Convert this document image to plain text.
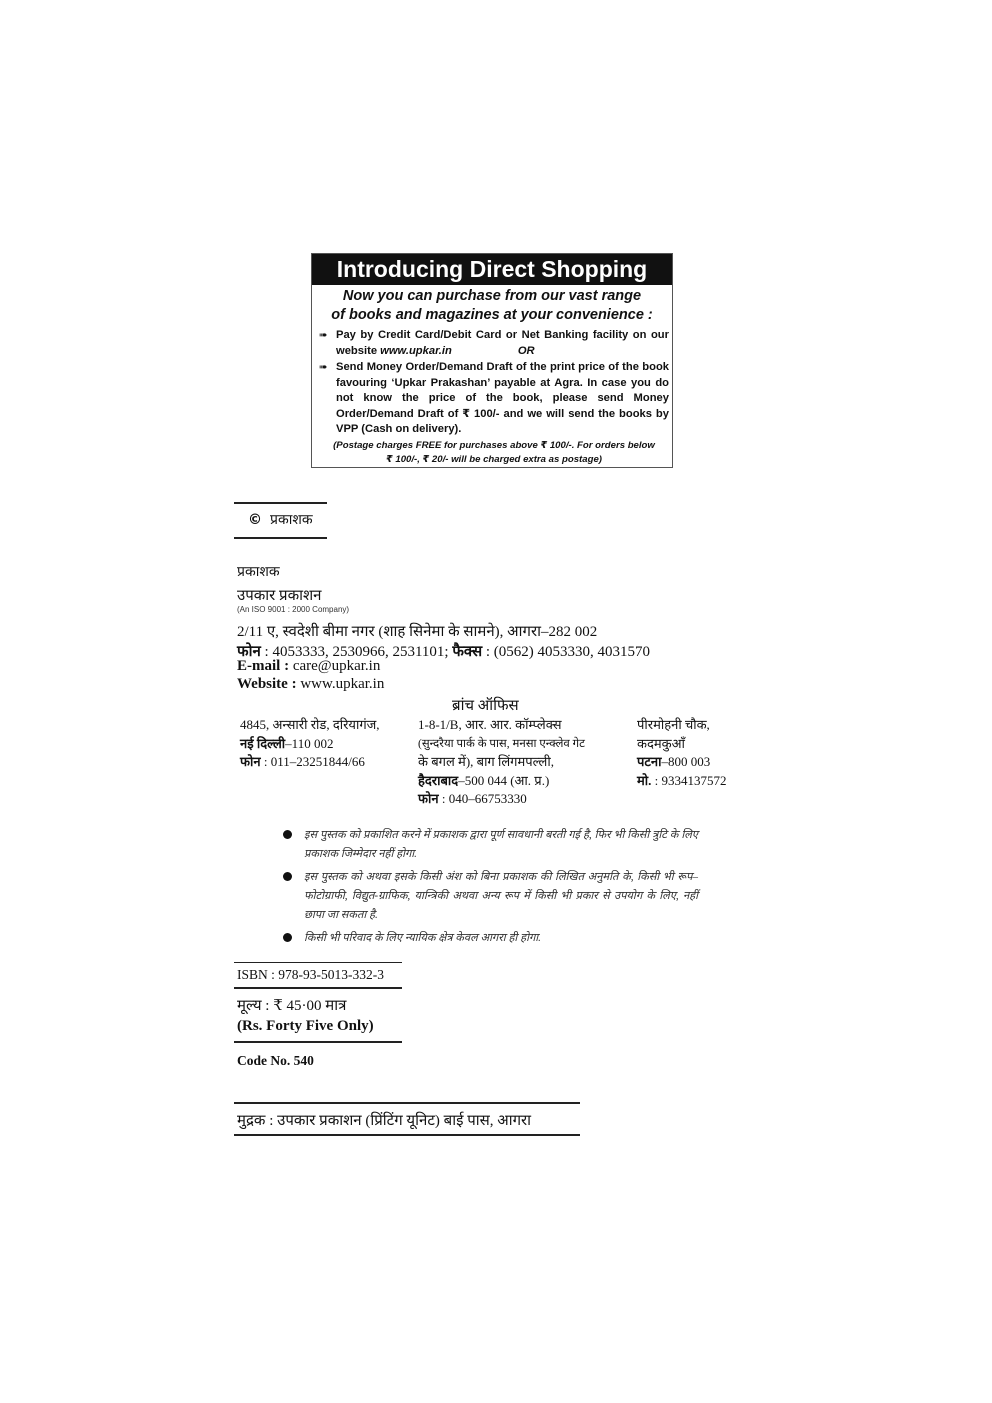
Introducing Direct Shopping
Now you can purchase from our vast range
of books and magazines at your convenience :
➠ Pay by Credit Card/Debit Card or Net Banking facility on our website www.upkar.in	OR
➠ Send Money Order/Demand Draft of the print price of the book favouring ‘Upkar Prakashan’ payable at Agra. In case you do not know the price of the book, please send Money Order/Demand Draft of ₹ 100/- and we will send the books by VPP (Cash on delivery).
(Postage charges FREE for purchases above ₹ 100/-. For orders below
₹ 100/-, ₹ 20/- will be charged extra as postage)
© प्रकाशक
प्रकाशक
उपकार प्रकाशन
(An ISO 9001 : 2000 Company)
2/11 ए, स्वदेशी बीमा नगर (शाह सिनेमा के सामने), आगरा–282 002
फोन : 4053333, 2530966, 2531101; फैक्स : (0562) 4053330, 4031570
E-mail : care@upkar.in
Website : www.upkar.in
ब्रांच ऑफिस
4845, अन्सारी रोड, दरियागंज,
नई दिल्ली–110 002
फोन : 011–23251844/66
1-8-1/B, आर. आर. कॉम्प्लेक्स
(सुन्दरैया पार्क के पास, मनसा एन्क्लेव गेट
के बगल में), बाग लिंगमपल्ली,
हैदराबाद–500 044 (आ. प्र.)
फोन : 040–66753330
पीरमोहनी चौक,
कदमकुआँ
पटना–800 003
मो. : 9334137572
इस पुस्तक को प्रकाशित करने में प्रकाशक द्वारा पूर्ण सावधानी बरती गई है, फिर भी किसी त्रुटि के लिए प्रकाशक जिम्मेदार नहीं होगा.
इस पुस्तक को अथवा इसके किसी अंश को बिना प्रकाशक की लिखित अनुमति के, किसी भी रूप–फोटोग्राफी, विद्युत-ग्राफिक, यान्त्रिकी अथवा अन्य रूप में किसी भी प्रकार से उपयोग के लिए, नहीं छापा जा सकता है.
किसी भी परिवाद के लिए न्यायिक क्षेत्र केवल आगरा ही होगा.
ISBN : 978-93-5013-332-3
मूल्य : ₹ 45·00 मात्र
(Rs. Forty Five Only)
Code No. 540
मुद्रक : उपकार प्रकाशन (प्रिंटिंग यूनिट) बाई पास, आगरा
